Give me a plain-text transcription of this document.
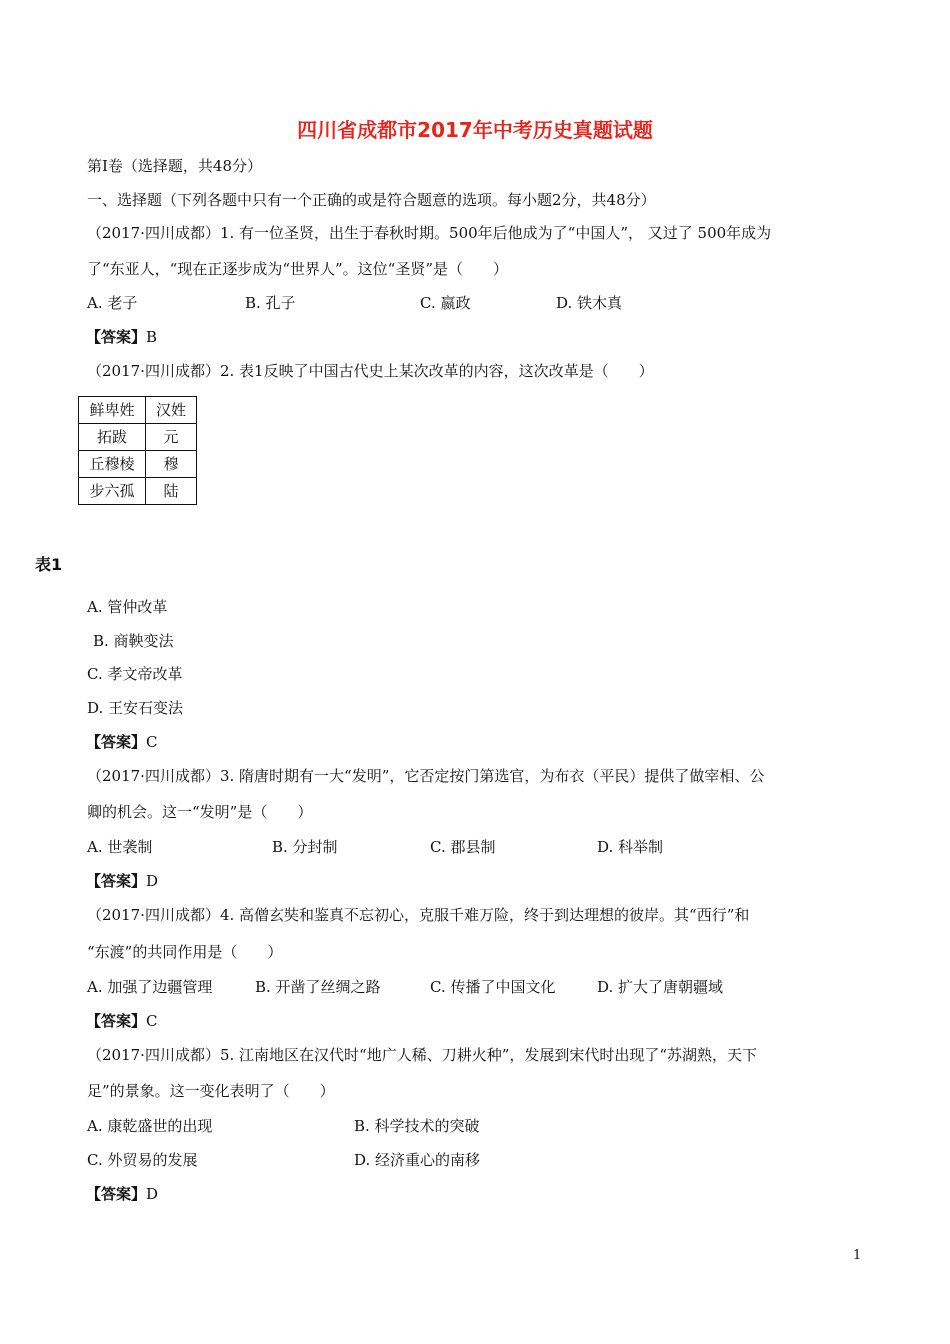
四川省成都市2017年中考历史真题试题
第Ⅰ卷（选择题，共48分）
一、选择题（下列各题中只有一个正确的或是符合题意的选项。每小题2分，共48分）
（2017·四川成都）1. 有一位圣贤，出生于春秋时期。500年后他成为了“中国人”， 又过了 500年成为
了“东亚人，“现在正逐步成为“世界人”。这位“圣贤”是（　　）
A. 老子	B. 孔子	C. 嬴政	D. 铁木真
【答案】B
（2017·四川成都）2. 表1反映了中国古代史上某次改革的内容，这次改革是（　　）
鲜卑姓	汉姓
拓跋	元
丘穆棱	穆
步六孤	陆
表1
A. 管仲改革
B. 商鞅变法
C. 孝文帝改革
D. 王安石变法
【答案】C
（2017·四川成都）3. 隋唐时期有一大“发明”，它否定按门第选官，为布衣（平民）提供了做宰相、公
卿的机会。这一“发明”是（　　）
A. 世袭制	B. 分封制	C. 郡县制	D. 科举制
【答案】D
（2017·四川成都）4. 高僧玄奘和鉴真不忘初心，克服千难万险，终于到达理想的彼岸。其“西行”和
“东渡”的共同作用是（　　）
A. 加强了边疆管理	B. 开凿了丝绸之路	C. 传播了中国文化	D. 扩大了唐朝疆域
【答案】C
（2017·四川成都）5. 江南地区在汉代时“地广人稀、刀耕火种”，发展到宋代时出现了“苏湖熟，天下
足”的景象。这一变化表明了（　　）
A. 康乾盛世的出现	B. 科学技术的突破
C. 外贸易的发展	D. 经济重心的南移
【答案】D
1
